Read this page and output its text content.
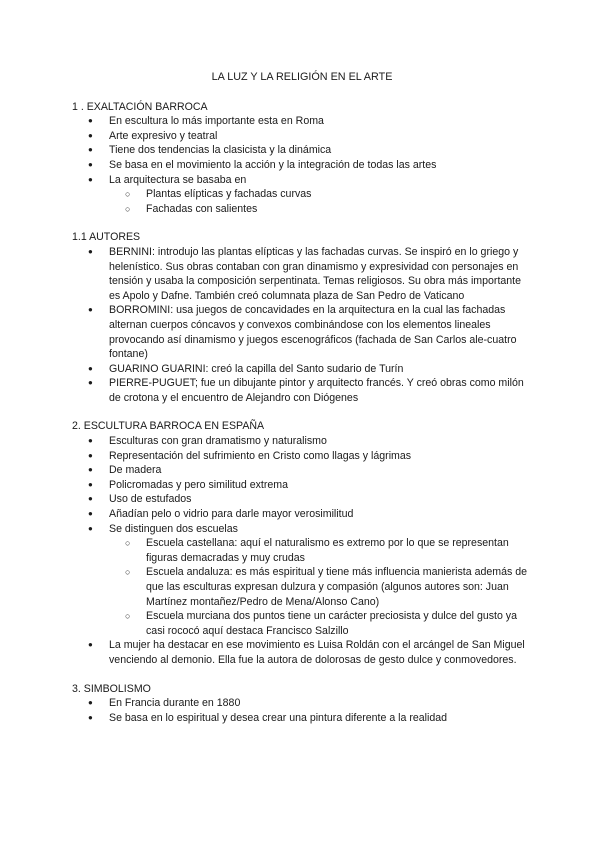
LA LUZ Y LA RELIGIÓN EN EL ARTE

1 . EXALTACIÓN BARROCA

● En escultura lo más importante esta en Roma
● Arte expresivo y teatral
● Tiene dos tendencias la clasicista y la dinámica
● Se basa en el movimiento la acción y la integración de todas las artes
● La arquitectura se basaba en
○ Plantas elípticas y fachadas curvas
○ Fachadas con salientes

1.1 AUTORES

● BERNINI: introdujo las plantas elípticas y las fachadas curvas. Se inspiró en lo griego y helenístico. Sus obras contaban con gran dinamismo y expresividad con personajes en tensión y usaba la composición serpentinata. Temas religiosos. Su obra más importante es Apolo y Dafne. También creó columnata plaza de San Pedro de Vaticano
● BORROMINI: usa juegos de concavidades en la arquitectura en la cual las fachadas alternan cuerpos cóncavos y convexos combinándose con los elementos lineales provocando así dinamismo y juegos escenográficos (fachada de San Carlos ale-cuatro fontane)
● GUARINO GUARINI: creó la capilla del Santo sudario de Turín
● PIERRE-PUGUET; fue un dibujante pintor y arquitecto francés. Y creó obras como milón de crotona y el encuentro de Alejandro con Diógenes

2. ESCULTURA BARROCA EN ESPAÑA

● Esculturas con gran dramatismo y naturalismo
● Representación del sufrimiento en Cristo como llagas y lágrimas
● De madera
● Policromadas y pero similitud extrema
● Uso de estufados
● Añadían pelo o vidrio para darle mayor verosimilitud
● Se distinguen dos escuelas
○ Escuela castellana: aquí el naturalismo es extremo por lo que se representan figuras demacradas y muy crudas
○ Escuela andaluza: es más espiritual y tiene más influencia manierista además de que las esculturas expresan dulzura y compasión (algunos autores son: Juan Martínez montañez/Pedro de Mena/Alonso Cano)
○ Escuela murciana dos puntos tiene un carácter preciosista y dulce del gusto ya casi rococó aquí destaca Francisco Salzillo
● La mujer ha destacar en ese movimiento es Luisa Roldán con el arcángel de San Miguel venciendo al demonio. Ella fue la autora de dolorosas de gesto dulce y conmovedores.

3. SIMBOLISMO

● En Francia durante en 1880
● Se basa en lo espiritual y desea crear una pintura diferente a la realidad
